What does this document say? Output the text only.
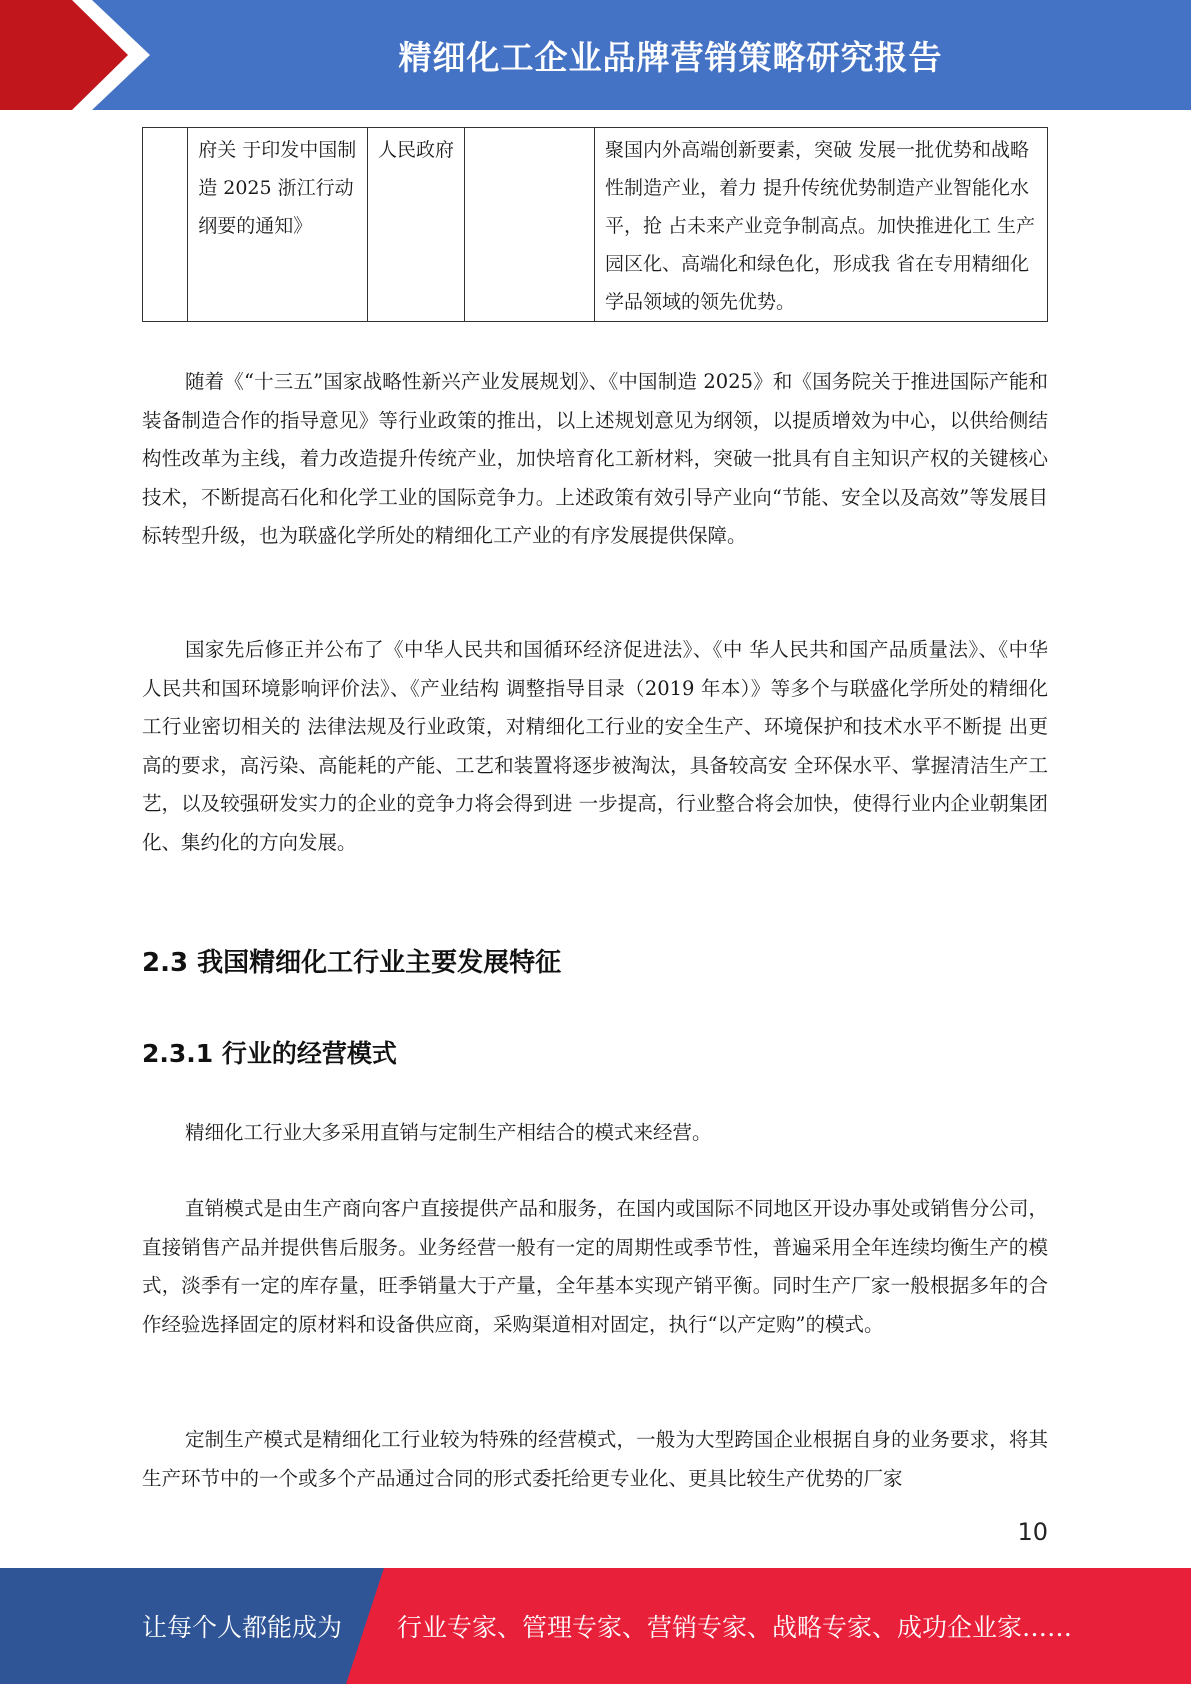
精细化工企业品牌营销策略研究报告
	府关 于印发中国制造 2025 浙江行动纲要的通知》	人民政府		聚国内外高端创新要素，突破 发展一批优势和战略性制造产业，着力 提升传统优势制造产业智能化水平，抢 占未来产业竞争制高点。加快推进化工 生产园区化、高端化和绿色化，形成我 省在专用精细化学品领域的领先优势。

随着《“十三五”国家战略性新兴产业发展规划》、《中国制造 2025》和《国务院关于推进国际产能和装备制造合作的指导意见》等行业政策的推出，以上述规划意见为纲领，以提质增效为中心，以供给侧结构性改革为主线，着力改造提升传统产业，加快培育化工新材料，突破一批具有自主知识产权的关键核心技术，不断提高石化和化学工业的国际竞争力。上述政策有效引导产业向“节能、安全以及高效”等发展目标转型升级，也为联盛化学所处的精细化工产业的有序发展提供保障。

国家先后修正并公布了《中华人民共和国循环经济促进法》、《中 华人民共和国产品质量法》、《中华人民共和国环境影响评价法》、《产业结构 调整指导目录（2019 年本）》等多个与联盛化学所处的精细化工行业密切相关的 法律法规及行业政策，对精细化工行业的安全生产、环境保护和技术水平不断提 出更高的要求，高污染、高能耗的产能、工艺和装置将逐步被淘汰，具备较高安 全环保水平、掌握清洁生产工艺，以及较强研发实力的企业的竞争力将会得到进 一步提高，行业整合将会加快，使得行业内企业朝集团化、集约化的方向发展。

2.3 我国精细化工行业主要发展特征
2.3.1 行业的经营模式

精细化工行业大多采用直销与定制生产相结合的模式来经营。

直销模式是由生产商向客户直接提供产品和服务，在国内或国际不同地区开设办事处或销售分公司，直接销售产品并提供售后服务。业务经营一般有一定的周期性或季节性，普遍采用全年连续均衡生产的模式，淡季有一定的库存量，旺季销量大于产量，全年基本实现产销平衡。同时生产厂家一般根据多年的合作经验选择固定的原材料和设备供应商，采购渠道相对固定，执行“以产定购”的模式。

定制生产模式是精细化工行业较为特殊的经营模式，一般为大型跨国企业根据自身的业务要求，将其生产环节中的一个或多个产品通过合同的形式委托给更专业化、更具比较生产优势的厂家

10
让每个人都能成为 行业专家、管理专家、营销专家、战略专家、成功企业家……
